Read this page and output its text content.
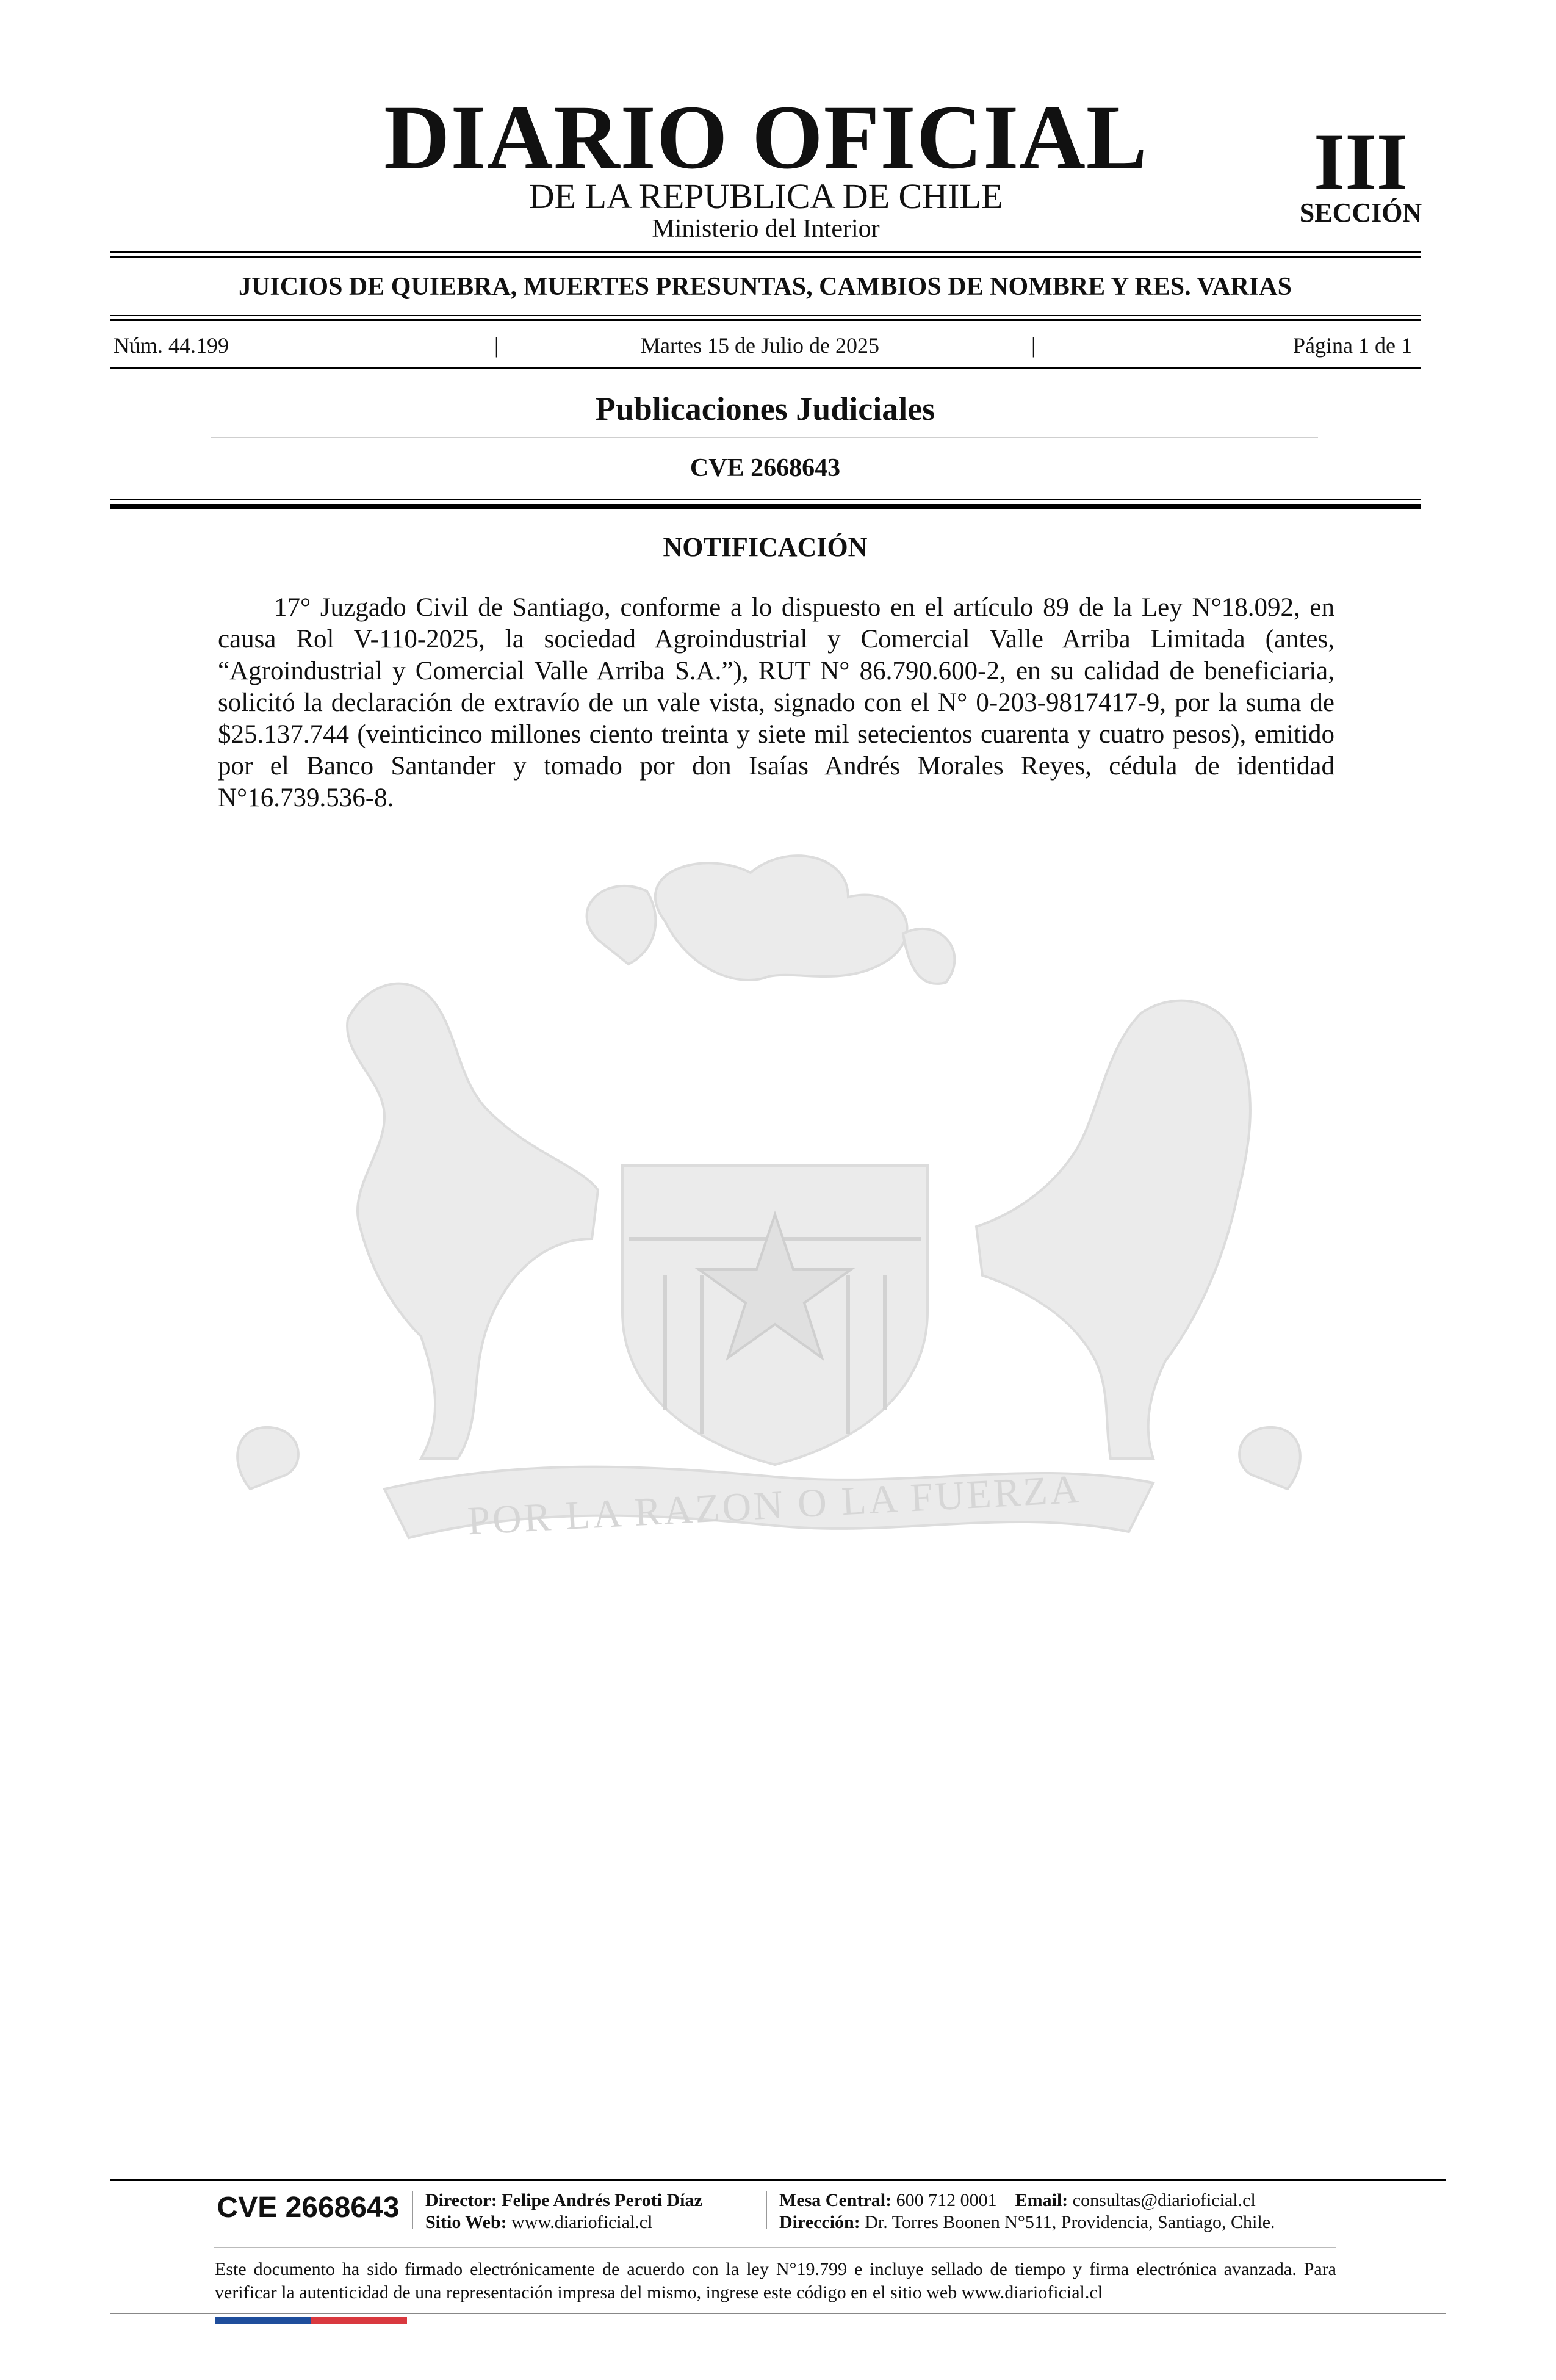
DIARIO OFICIAL
DE LA REPUBLICA DE CHILE
Ministerio del Interior
III
SECCIÓN
JUICIOS DE QUIEBRA, MUERTES PRESUNTAS, CAMBIOS DE NOMBRE Y RES. VARIAS
Núm. 44.199	|	Martes 15 de Julio de 2025	|	Página 1 de 1
Publicaciones Judiciales
CVE 2668643
NOTIFICACIÓN

17° Juzgado Civil de Santiago, conforme a lo dispuesto en el artículo 89 de la Ley N°18.092, en causa Rol V-110-2025, la sociedad Agroindustrial y Comercial Valle Arriba Limitada (antes, “Agroindustrial y Comercial Valle Arriba S.A.”), RUT N° 86.790.600-2, en su calidad de beneficiaria, solicitó la declaración de extravío de un vale vista, signado con el N° 0-203-9817417-9, por la suma de $25.137.744 (veinticinco millones ciento treinta y siete mil setecientos cuarenta y cuatro pesos), emitido por el Banco Santander y tomado por don Isaías Andrés Morales Reyes, cédula de identidad N°16.739.536-8.

POR LA RAZON O LA FUERZA
CVE 2668643	Director: Felipe Andrés Peroti Díaz
Sitio Web: www.diarioficial.cl
Mesa Central: 600 712 0001 Email: consultas@diarioficial.cl
Dirección: Dr. Torres Boonen N°511, Providencia, Santiago, Chile.

Este documento ha sido firmado electrónicamente de acuerdo con la ley N°19.799 e incluye sellado de tiempo y firma electrónica avanzada. Para verificar la autenticidad de una representación impresa del mismo, ingrese este código en el sitio web www.diarioficial.cl
